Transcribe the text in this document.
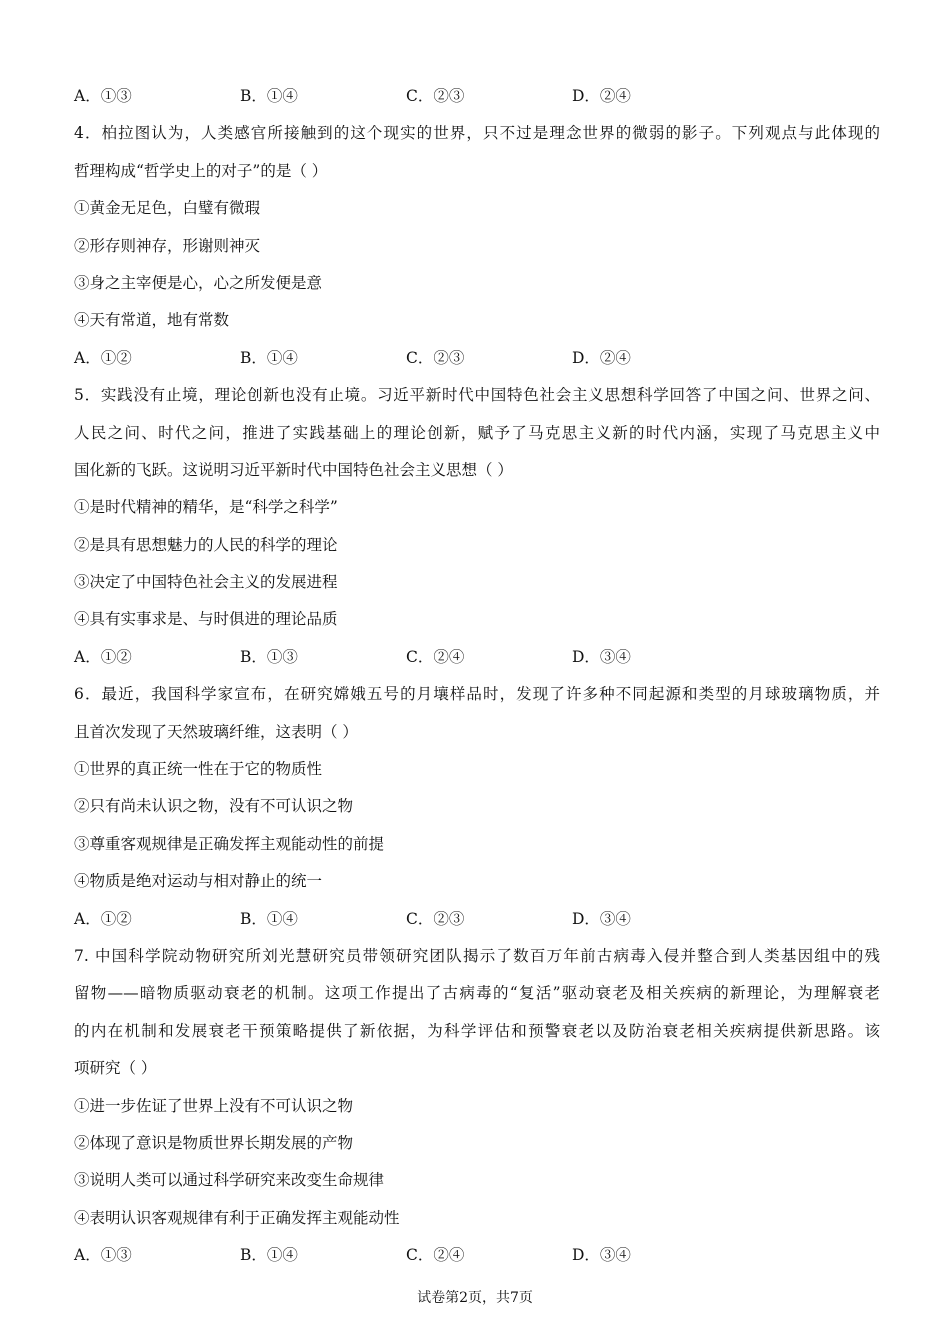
A．①③	B．①④	C．②③	D．②④
4．柏拉图认为，人类感官所接触到的这个现实的世界，只不过是理念世界的微弱的影子。下列观点与此体现的
哲理构成“哲学史上的对子”的是（ ）
①黄金无足色，白璧有微瑕
②形存则神存，形谢则神灭
③身之主宰便是心，心之所发便是意
④天有常道，地有常数
A．①②	B．①④	C．②③	D．②④
5．实践没有止境，理论创新也没有止境。习近平新时代中国特色社会主义思想科学回答了中国之问、世界之问、
人民之问、时代之问，推进了实践基础上的理论创新，赋予了马克思主义新的时代内涵，实现了马克思主义中
国化新的飞跃。这说明习近平新时代中国特色社会主义思想（ ）
①是时代精神的精华，是“科学之科学”
②是具有思想魅力的人民的科学的理论
③决定了中国特色社会主义的发展进程
④具有实事求是、与时俱进的理论品质
A．①②	B．①③	C．②④	D．③④
6．最近，我国科学家宣布，在研究嫦娥五号的月壤样品时，发现了许多种不同起源和类型的月球玻璃物质，并
且首次发现了天然玻璃纤维，这表明（ ）
①世界的真正统一性在于它的物质性
②只有尚未认识之物，没有不可认识之物
③尊重客观规律是正确发挥主观能动性的前提
④物质是绝对运动与相对静止的统一
A．①②	B．①④	C．②③	D．③④
7. 中国科学院动物研究所刘光慧研究员带领研究团队揭示了数百万年前古病毒入侵并整合到人类基因组中的残
留物——暗物质驱动衰老的机制。这项工作提出了古病毒的“复活”驱动衰老及相关疾病的新理论，为理解衰老
的内在机制和发展衰老干预策略提供了新依据，为科学评估和预警衰老以及防治衰老相关疾病提供新思路。该
项研究（ ）
①进一步佐证了世界上没有不可认识之物
②体现了意识是物质世界长期发展的产物
③说明人类可以通过科学研究来改变生命规律
④表明认识客观规律有利于正确发挥主观能动性
A．①③	B．①④	C．②④	D．③④
试卷第2页，共7页
